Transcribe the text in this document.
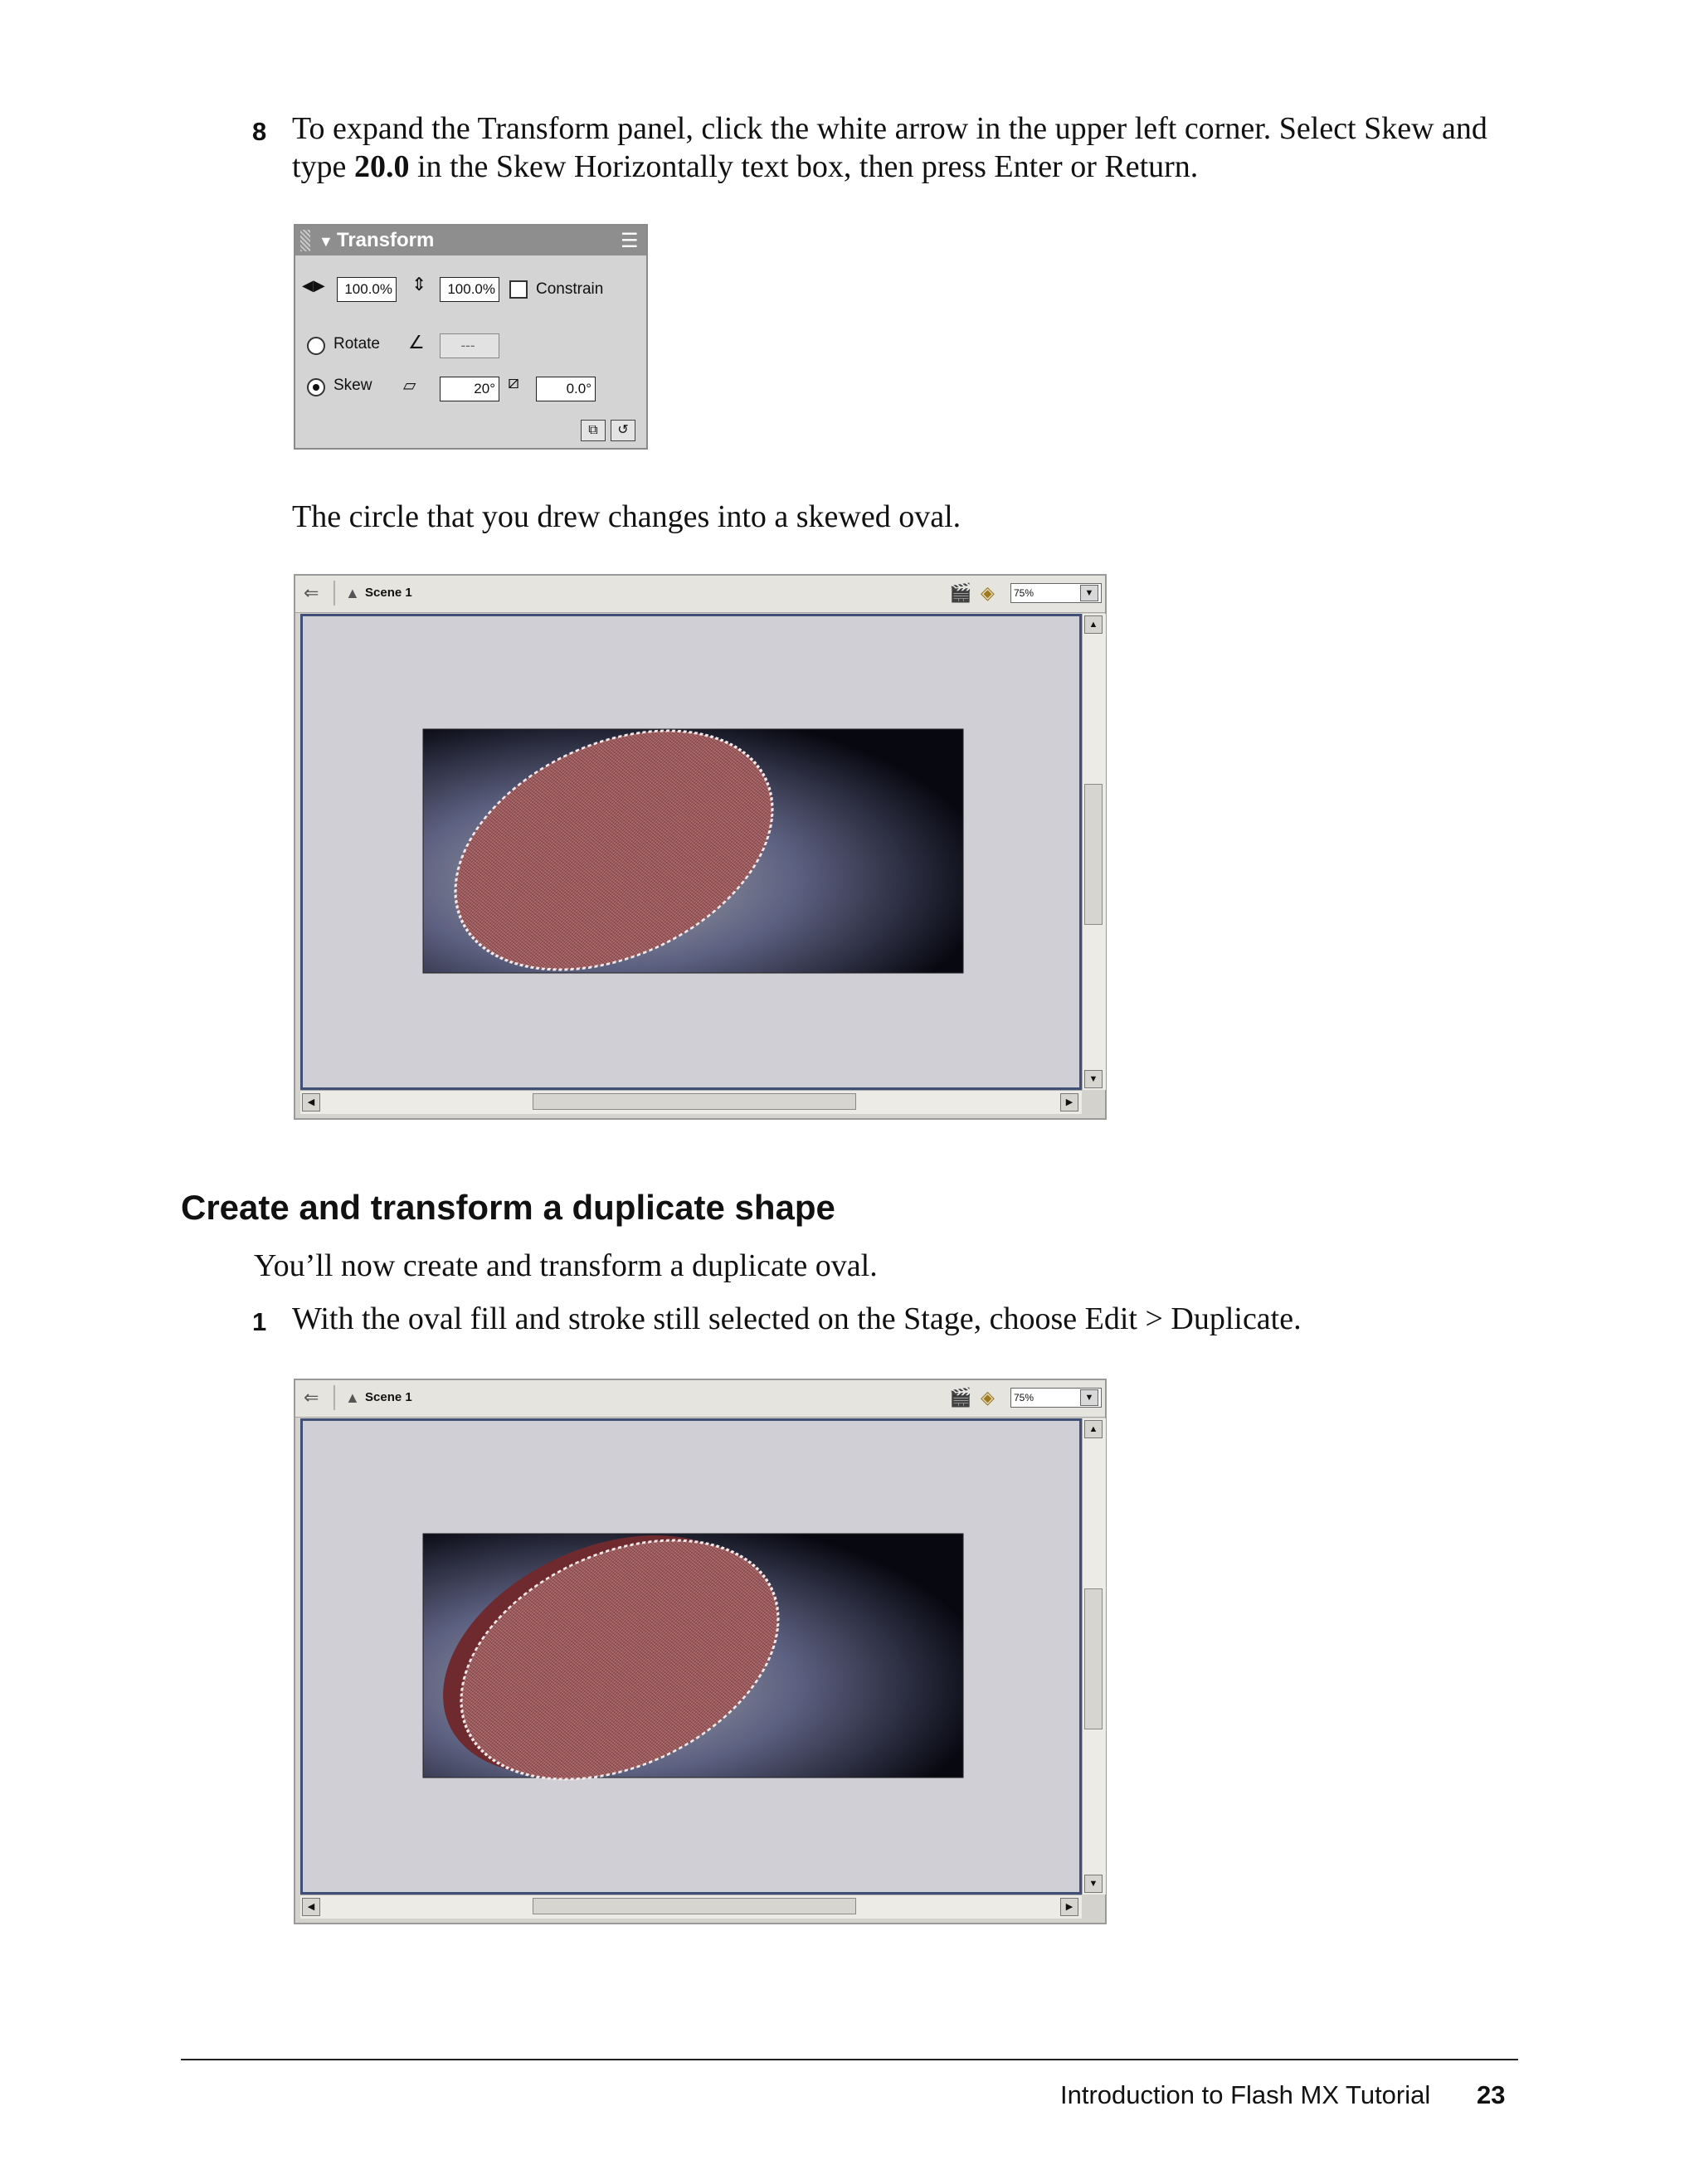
8 To expand the Transform panel, click the white arrow in the upper left corner. Select Skew and
type 20.0 in the Skew Horizontally text box, then press Enter or Return.
▼ Transform	☰
◀▶	100.0% ⇕	100.0%	Constrain
Rotate ∠	---
Skew ▱	20° ⧄	0.0°
⧉	↺
The circle that you drew changes into a skewed oval.
⇐ ▲ Scene 1	🎬 ◈	75%	▼
▲
▼
◀	▶
Create and transform a duplicate shape
You’ll now create and transform a duplicate oval.
1 With the oval fill and stroke still selected on the Stage, choose Edit > Duplicate.
⇐ ▲ Scene 1	🎬 ◈	75%	▼
▲
▼
◀	▶
Introduction to Flash MX Tutorial 23
